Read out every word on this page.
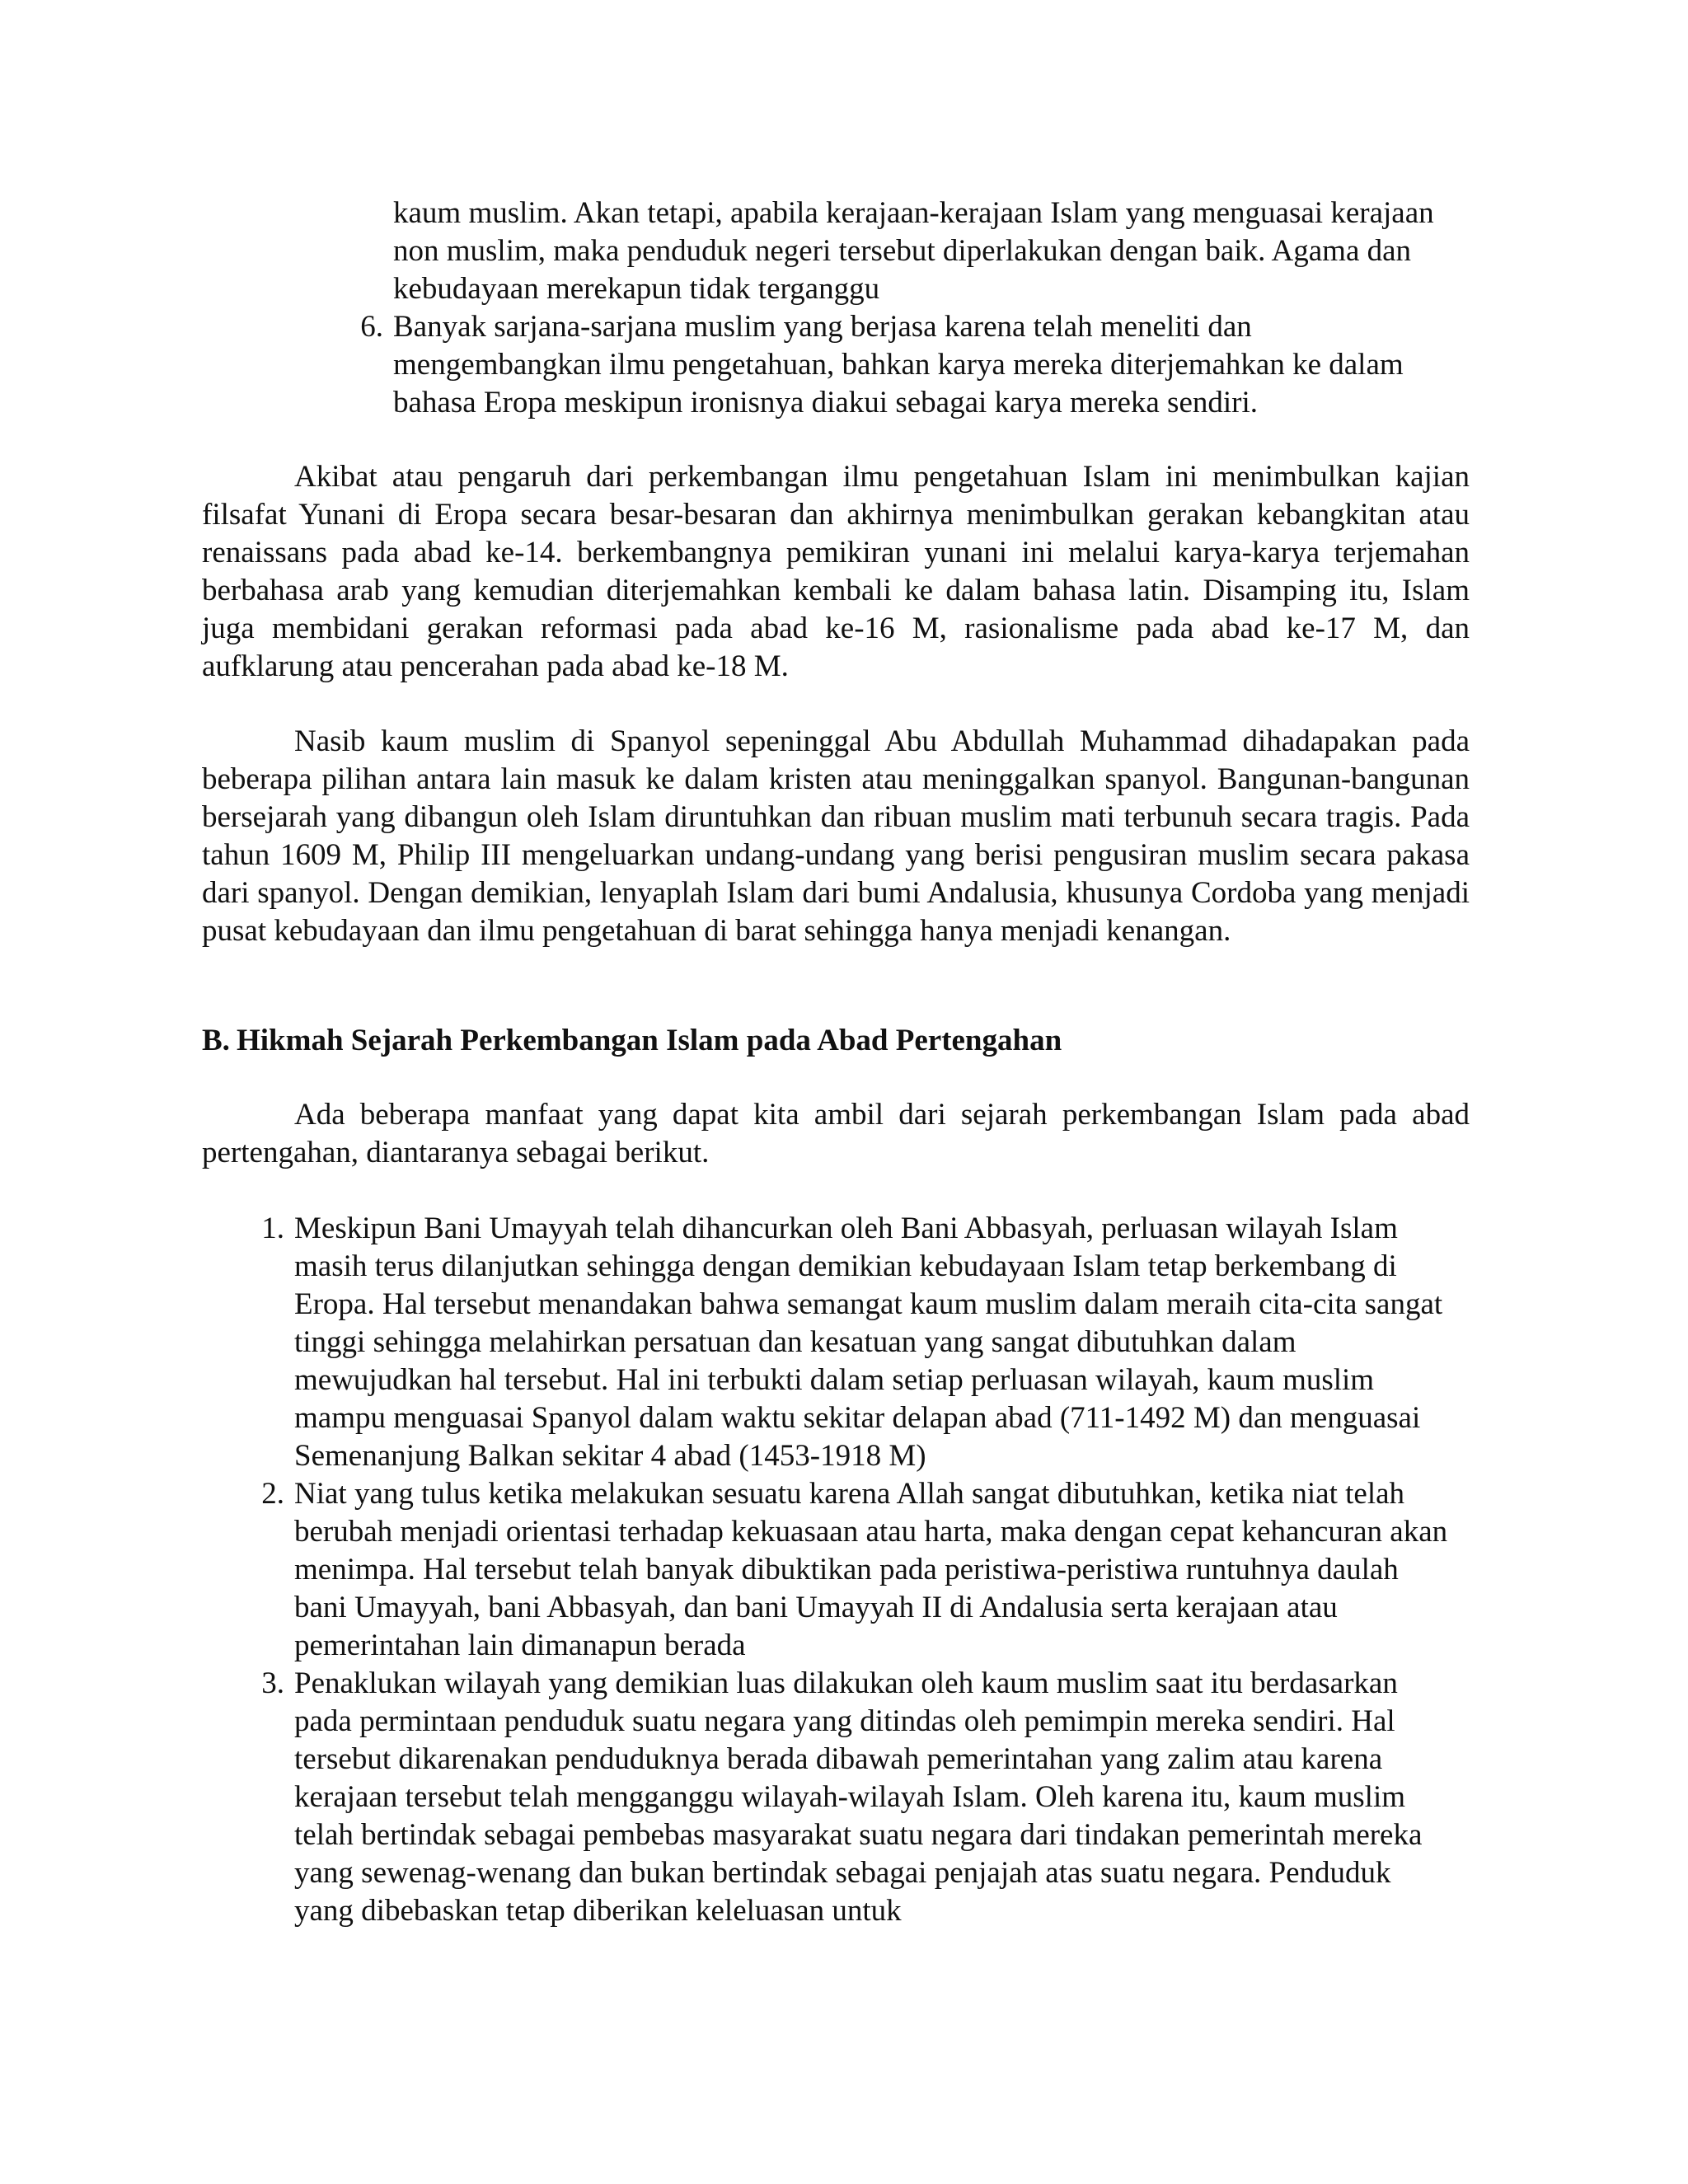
kaum muslim. Akan tetapi, apabila kerajaan-kerajaan Islam yang menguasai kerajaan non muslim, maka penduduk negeri tersebut diperlakukan dengan baik. Agama dan kebudayaan merekapun tidak terganggu
6. Banyak sarjana-sarjana muslim yang berjasa karena telah meneliti dan mengembangkan ilmu pengetahuan, bahkan karya mereka diterjemahkan ke dalam bahasa Eropa meskipun ironisnya diakui sebagai karya mereka sendiri.

Akibat atau pengaruh dari perkembangan ilmu pengetahuan Islam ini menimbulkan kajian filsafat Yunani di Eropa secara besar-besaran dan akhirnya menimbulkan gerakan kebangkitan atau renaissans pada abad ke-14. berkembangnya pemikiran yunani ini melalui karya-karya terjemahan berbahasa arab yang kemudian diterjemahkan kembali ke dalam bahasa latin. Disamping itu, Islam juga membidani gerakan reformasi pada abad ke-16 M, rasionalisme pada abad ke-17 M, dan aufklarung atau pencerahan pada abad ke-18 M.

Nasib kaum muslim di Spanyol sepeninggal Abu Abdullah Muhammad dihadapakan pada beberapa pilihan antara lain masuk ke dalam kristen atau meninggalkan spanyol. Bangunan-bangunan bersejarah yang dibangun oleh Islam diruntuhkan dan ribuan muslim mati terbunuh secara tragis. Pada tahun 1609 M, Philip III mengeluarkan undang-undang yang berisi pengusiran muslim secara pakasa dari spanyol. Dengan demikian, lenyaplah Islam dari bumi Andalusia, khusunya Cordoba yang menjadi pusat kebudayaan dan ilmu pengetahuan di barat sehingga hanya menjadi kenangan.

B. Hikmah Sejarah Perkembangan Islam pada Abad Pertengahan

Ada beberapa manfaat yang dapat kita ambil dari sejarah perkembangan Islam pada abad pertengahan, diantaranya sebagai berikut.

1. Meskipun Bani Umayyah telah dihancurkan oleh Bani Abbasyah, perluasan wilayah Islam masih terus dilanjutkan sehingga dengan demikian kebudayaan Islam tetap berkembang di Eropa. Hal tersebut menandakan bahwa semangat kaum muslim dalam meraih cita-cita sangat tinggi sehingga melahirkan persatuan dan kesatuan yang sangat dibutuhkan dalam mewujudkan hal tersebut. Hal ini terbukti dalam setiap perluasan wilayah, kaum muslim mampu menguasai Spanyol dalam waktu sekitar delapan abad (711-1492 M) dan menguasai Semenanjung Balkan sekitar 4 abad (1453-1918 M)
2. Niat yang tulus ketika melakukan sesuatu karena Allah sangat dibutuhkan, ketika niat telah berubah menjadi orientasi terhadap kekuasaan atau harta, maka dengan cepat kehancuran akan menimpa. Hal tersebut telah banyak dibuktikan pada peristiwa-peristiwa runtuhnya daulah bani Umayyah, bani Abbasyah, dan bani Umayyah II di Andalusia serta kerajaan atau pemerintahan lain dimanapun berada
3. Penaklukan wilayah yang demikian luas dilakukan oleh kaum muslim saat itu berdasarkan pada permintaan penduduk suatu negara yang ditindas oleh pemimpin mereka sendiri. Hal tersebut dikarenakan penduduknya berada dibawah pemerintahan yang zalim atau karena kerajaan tersebut telah mengganggu wilayah-wilayah Islam. Oleh karena itu, kaum muslim telah bertindak sebagai pembebas masyarakat suatu negara dari tindakan pemerintah mereka yang sewenag-wenang dan bukan bertindak sebagai penjajah atas suatu negara. Penduduk yang dibebaskan tetap diberikan keleluasan untuk
